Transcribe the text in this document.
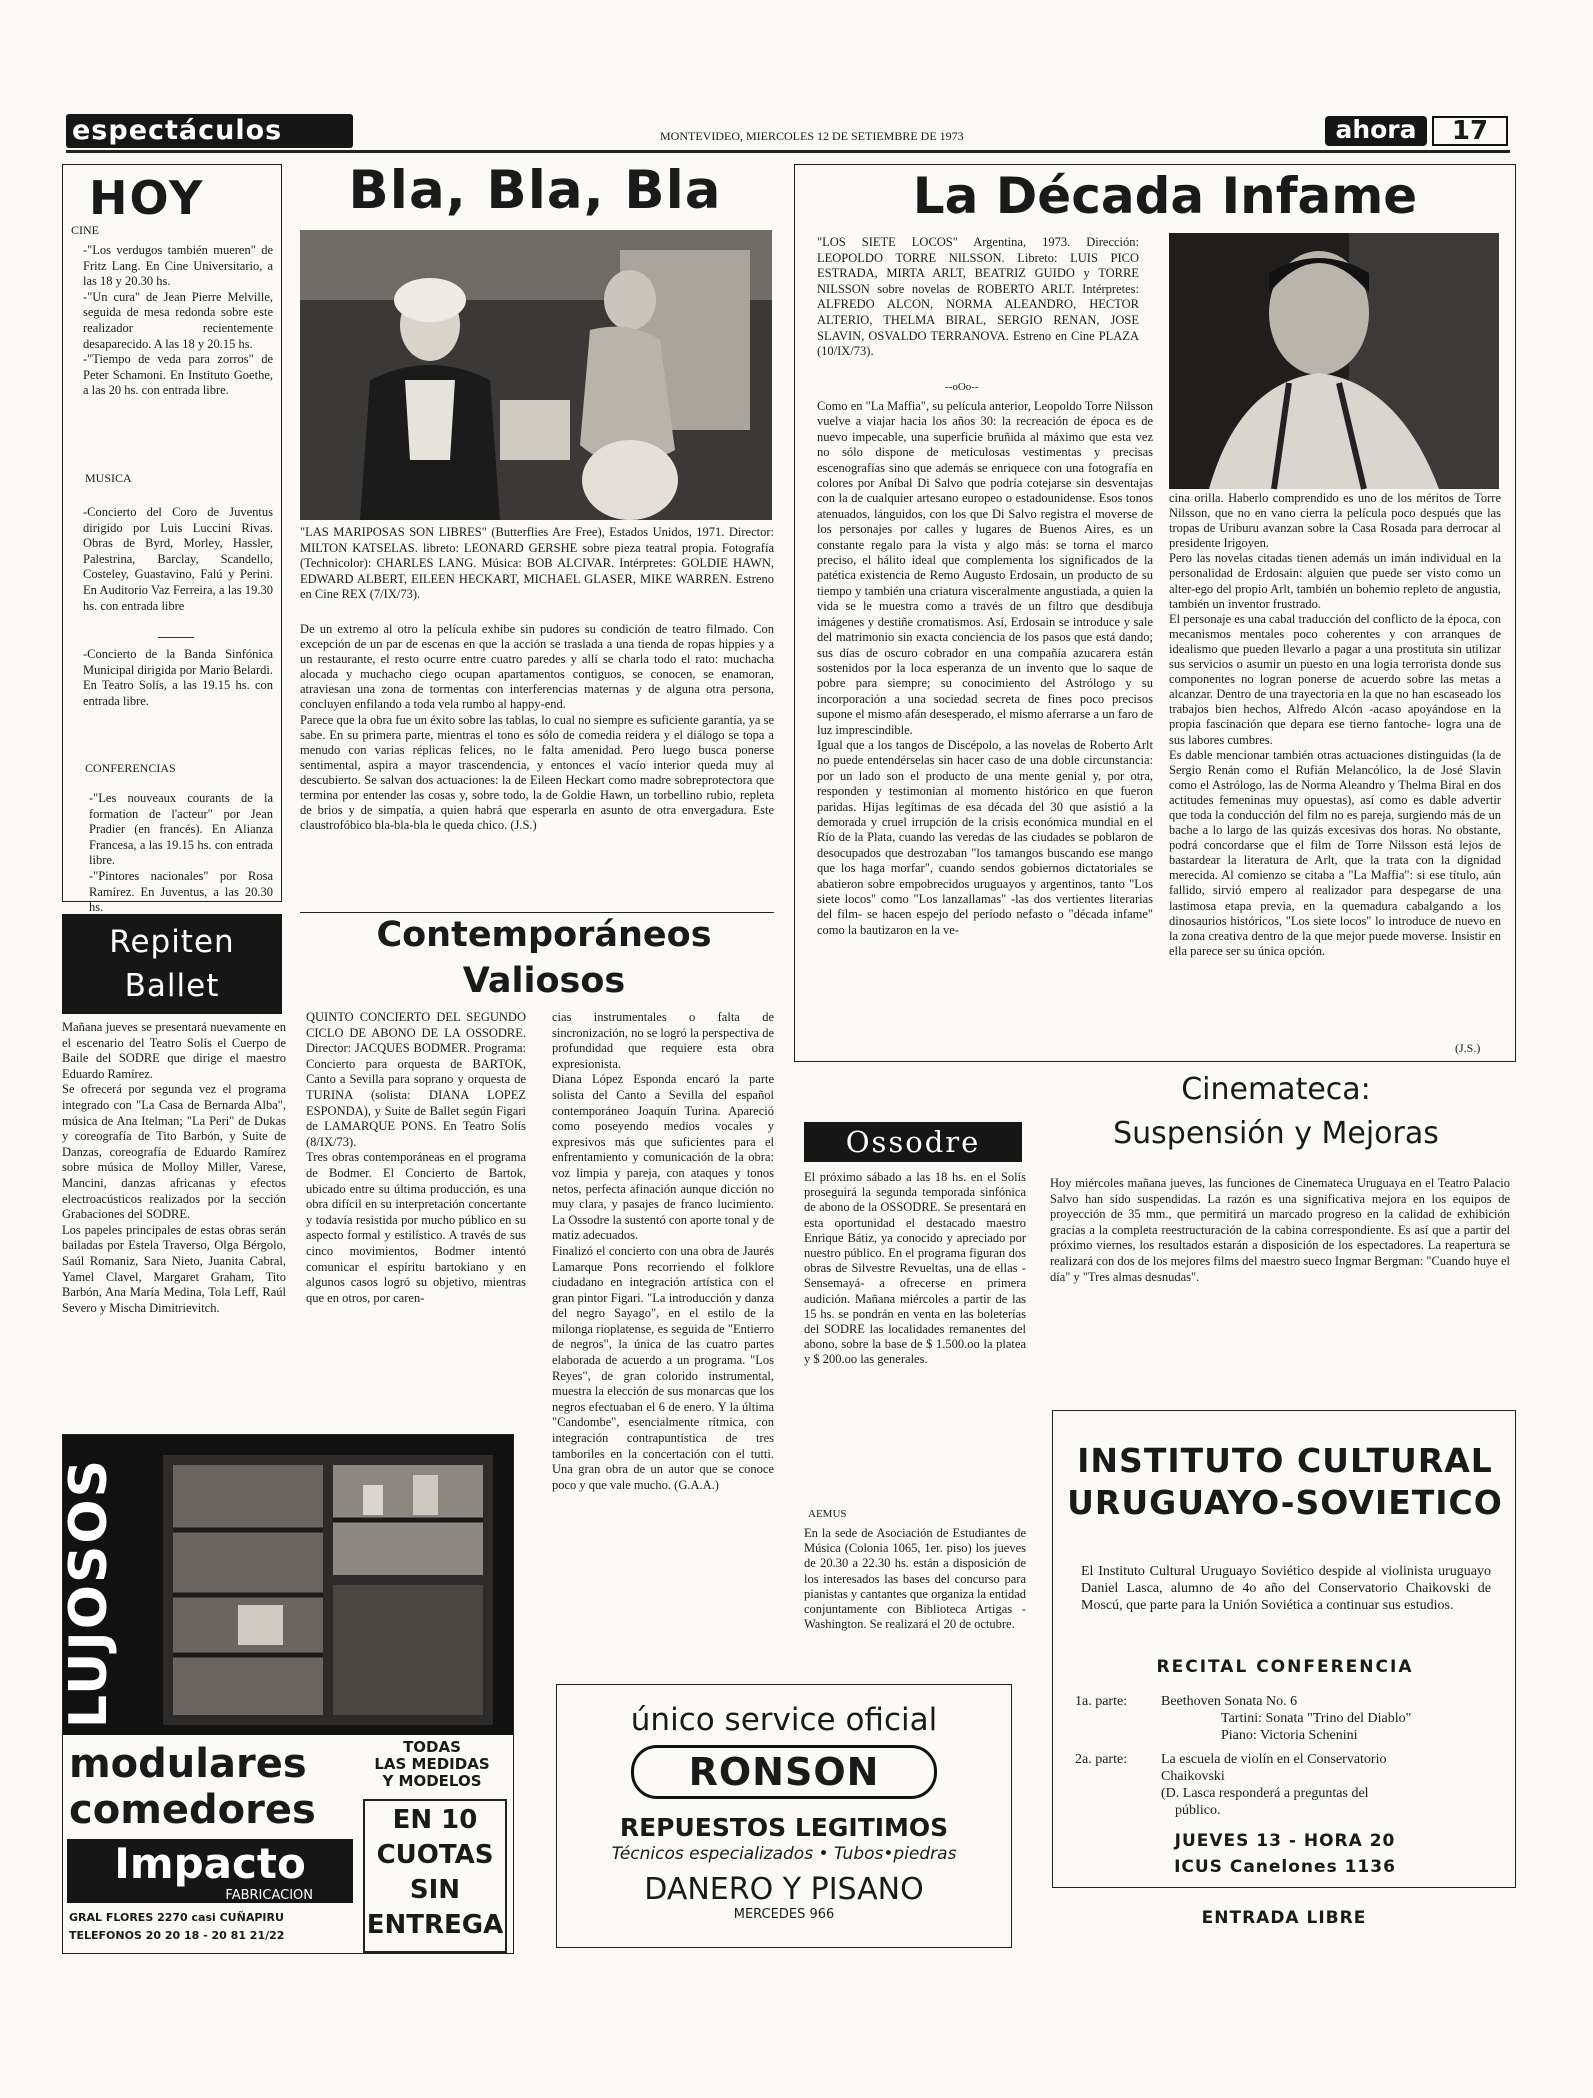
espectáculos	MONTEVIDEO, MIERCOLES 12 DE SETIEMBRE DE 1973	ahora	17
HOY
CINE
-"Los verdugos también mueren" de Fritz Lang. En Cine Universitario, a las 18 y 20.30 hs.
-"Un cura" de Jean Pierre Melville, seguida de mesa redonda sobre este realizador recientemente desaparecido. A las 18 y 20.15 hs.
-"Tiempo de veda para zorros" de Peter Schamoni. En Instituto Goethe, a las 20 hs. con entrada libre.
MUSICA
-Concierto del Coro de Juventus dirigido por Luis Luccini Rivas. Obras de Byrd, Morley, Hassler, Palestrina, Barclay, Scandello, Costeley, Guastavino, Falú y Perini. En Auditorio Vaz Ferreira, a las 19.30 hs. con entrada libre
-Concierto de la Banda Sinfónica Municipal dirigida por Mario Belardi. En Teatro Solís, a las 19.15 hs. con entrada libre.
CONFERENCIAS
-"Les nouveaux courants de la formation de l'acteur" por Jean Pradier (en francés). En Alianza Francesa, a las 19.15 hs. con entrada libre.
-"Pintores nacionales" por Rosa Ramírez. En Juventus, a las 20.30 hs.
Repiten
Ballet
Mañana jueves se presentará nuevamente en el escenario del Teatro Solís el Cuerpo de Baile del SODRE que dirige el maestro Eduardo Ramírez.
Se ofrecerá por segunda vez el programa integrado con "La Casa de Bernarda Alba", música de Ana Itelman; "La Peri" de Dukas y coreografía de Tito Barbón, y Suite de Danzas, coreografía de Eduardo Ramírez sobre música de Molloy Miller, Varese, Mancini, danzas africanas y efectos electroacústicos realizados por la sección Grabaciones del SODRE.
Los papeles principales de estas obras serán bailadas por Estela Traverso, Olga Bérgolo, Saúl Romaniz, Sara Nieto, Juanita Cabral, Yamel Clavel, Margaret Graham, Tito Barbón, Ana María Medina, Tola Leff, Raúl Severo y Mischa Dimitrievitch.
Bla, Bla, Bla
"LAS MARIPOSAS SON LIBRES" (Butterflies Are Free), Estados Unidos, 1971. Director: MILTON KATSELAS. libreto: LEONARD GERSHE sobre pieza teatral propia. Fotografía (Technicolor): CHARLES LANG. Música: BOB ALCIVAR. Intérpretes: GOLDIE HAWN, EDWARD ALBERT, EILEEN HECKART, MICHAEL GLASER, MIKE WARREN. Estreno en Cine REX (7/IX/73).
De un extremo al otro la película exhibe sin pudores su condición de teatro filmado. Con excepción de un par de escenas en que la acción se traslada a una tienda de ropas hippies y a un restaurante, el resto ocurre entre cuatro paredes y allí se charla todo el rato: muchacha alocada y muchacho ciego ocupan apartamentos contiguos, se conocen, se enamoran, atraviesan una zona de tormentas con interferencias maternas y de alguna otra persona, concluyen enfilando a toda vela rumbo al happy-end.
Parece que la obra fue un éxito sobre las tablas, lo cual no siempre es suficiente garantía, ya se sabe. En su primera parte, mientras el tono es sólo de comedia reidera y el diálogo se topa a menudo con varias réplicas felices, no le falta amenidad. Pero luego busca ponerse sentimental, aspira a mayor trascendencia, y entonces el vacío interior queda muy al descubierto. Se salvan dos actuaciones: la de Eileen Heckart como madre sobreprotectora que termina por entender las cosas y, sobre todo, la de Goldie Hawn, un torbellino rubio, repleta de brios y de simpatía, a quien habrá que esperarla en asunto de otra envergadura. Este claustrofóbico bla-bla-bla le queda chico. (J.S.)
Contemporáneos
Valiosos
QUINTO CONCIERTO DEL SEGUNDO CICLO DE ABONO DE LA OSSODRE. Director: JACQUES BODMER. Programa: Concierto para orquesta de BARTOK, Canto a Sevilla para soprano y orquesta de TURINA (solista: DIANA LOPEZ ESPONDA), y Suite de Ballet según Figari de LAMARQUE PONS. En Teatro Solís (8/IX/73).
Tres obras contemporáneas en el programa de Bodmer. El Concierto de Bartok, ubicado entre su última producción, es una obra difícil en su interpretación concertante y todavía resistida por mucho público en su aspecto formal y estilístico. A través de sus cinco movimientos, Bodmer intentó comunicar el espíritu bartokiano y en algunos casos logró su objetivo, mientras que en otros, por caren-
cias instrumentales o falta de sincronización, no se logró la perspectiva de profundidad que requiere esta obra expresionista.
Diana López Esponda encaró la parte solista del Canto a Sevilla del español contemporáneo Joaquín Turina. Apareció como poseyendo medios vocales y expresivos más que suficientes para el enfrentamiento y comunicación de la obra: voz limpia y pareja, con ataques y tonos netos, perfecta afinación aunque dicción no muy clara, y pasajes de franco lucimiento. La Ossodre la sustentó con aporte tonal y de matiz adecuados.
Finalizó el concierto con una obra de Jaurés Lamarque Pons recorriendo el folklore ciudadano en integración artística con el gran pintor Figari. "La introducción y danza del negro Sayago", en el estilo de la milonga rioplatense, es seguida de "Entierro de negros", la única de las cuatro partes elaborada de acuerdo a un programa. "Los Reyes", de gran colorido instrumental, muestra la elección de sus monarcas que los negros efectuaban el 6 de enero. Y la última "Candombe", esencialmente rítmica, con integración contrapuntística de tres tamboriles en la concertación con el tutti. Una gran obra de un autor que se conoce poco y que vale mucho. (G.A.A.)
La Década Infame
"LOS SIETE LOCOS" Argentina, 1973. Dirección: LEOPOLDO TORRE NILSSON. Libreto: LUIS PICO ESTRADA, MIRTA ARLT, BEATRIZ GUIDO y TORRE NILSSON sobre novelas de ROBERTO ARLT. Intérpretes: ALFREDO ALCON, NORMA ALEANDRO, HECTOR ALTERIO, THELMA BIRAL, SERGIO RENAN, JOSE SLAVIN, OSVALDO TERRANOVA. Estreno en Cine PLAZA (10/IX/73).
--oOo--
Como en "La Maffia", su película anterior, Leopoldo Torre Nilsson vuelve a viajar hacia los años 30: la recreación de época es de nuevo impecable, una superficie bruñida al máximo que esta vez no sólo dispone de meticulosas vestimentas y precisas escenografías sino que además se enriquece con una fotografía en colores por Aníbal Di Salvo que podría cotejarse sin desventajas con la de cualquier artesano europeo o estadounidense. Esos tonos atenuados, lánguidos, con los que Di Salvo registra el moverse de los personajes por calles y lugares de Buenos Aires, es un constante regalo para la vista y algo más: se torna el marco preciso, el hálito ideal que complementa los significados de la patética existencia de Remo Augusto Erdosain, un producto de su tiempo y también una criatura visceralmente angustiada, a quien la vida se le muestra como a través de un filtro que desdibuja imágenes y destiñe cromatismos. Así, Erdosain se introduce y sale del matrimonio sin exacta conciencia de los pasos que está dando; sus días de oscuro cobrador en una compañía azucarera están sostenidos por la loca esperanza de un invento que lo saque de pobre para siempre; su conocimiento del Astrólogo y su incorporación a una sociedad secreta de fines poco precisos supone el mismo afán desesperado, el mismo aferrarse a un faro de luz imprescindible.
Igual que a los tangos de Discépolo, a las novelas de Roberto Arlt no puede entendérselas sin hacer caso de una doble circunstancia: por un lado son el producto de una mente genial y, por otra, responden y testimonian al momento histórico en que fueron paridas. Hijas legítimas de esa década del 30 que asistió a la demorada y cruel irrupción de la crisis económica mundial en el Río de la Plata, cuando las veredas de las ciudades se poblaron de desocupados que destrozaban "los tamangos buscando ese mango que los haga morfar", cuando sendos gobiernos dictatoriales se abatieron sobre empobrecidos uruguayos y argentinos, tanto "Los siete locos" como "Los lanzallamas" -las dos vertientes literarias del film- se hacen espejo del período nefasto o "década infame" como la bautizaron en la ve-
cina orilla. Haberlo comprendido es uno de los méritos de Torre Nilsson, que no en vano cierra la película poco después que las tropas de Uriburu avanzan sobre la Casa Rosada para derrocar al presidente Irigoyen.
Pero las novelas citadas tienen además un imán individual en la personalidad de Erdosain: alguien que puede ser visto como un alter-ego del propio Arlt, también un bohemio repleto de angustia, también un inventor frustrado.
El personaje es una cabal traducción del conflicto de la época, con mecanismos mentales poco coherentes y con arranques de idealismo que pueden llevarlo a pagar a una prostituta sin utilizar sus servicios o asumir un puesto en una logia terrorista donde sus componentes no logran ponerse de acuerdo sobre las metas a alcanzar. Dentro de una trayectoria en la que no han escaseado los trabajos bien hechos, Alfredo Alcón -acaso apoyándose en la propia fascinación que depara ese tierno fantoche- logra una de sus labores cumbres.
Es dable mencionar también otras actuaciones distinguidas (la de Sergio Renán como el Rufián Melancólico, la de José Slavin como el Astrólogo, las de Norma Aleandro y Thelma Biral en dos actitudes femeninas muy opuestas), así como es dable advertir que toda la conducción del film no es pareja, surgiendo más de un bache a lo largo de las quizás excesivas dos horas. No obstante, podrá concordarse que el film de Torre Nilsson está lejos de bastardear la literatura de Arlt, que la trata con la dignidad merecida. Al comienzo se citaba a "La Maffia": si ese título, aún fallido, sirvió empero al realizador para despegarse de una lastimosa etapa previa, en la quemadura cabalgando a los dinosaurios históricos, "Los siete locos" lo introduce de nuevo en la zona creativa dentro de la que mejor puede moverse. Insistir en ella parece ser su única opción.
(J.S.)
Ossodre
El próximo sábado a las 18 hs. en el Solís proseguirá la segunda temporada sinfónica de abono de la OSSODRE. Se presentará en esta oportunidad el destacado maestro Enrique Bátiz, ya conocido y apreciado por nuestro público. En el programa figuran dos obras de Silvestre Revueltas, una de ellas -Sensemayá- a ofrecerse en primera audición. Mañana miércoles a partir de las 15 hs. se pondrán en venta en las boleterías del SODRE las localidades remanentes del abono, sobre la base de $ 1.500.oo la platea y $ 200.oo las generales.
AEMUS
En la sede de Asociación de Estudiantes de Música (Colonia 1065, 1er. piso) los jueves de 20.30 a 22.30 hs. están a disposición de los interesados las bases del concurso para pianistas y cantantes que organiza la entidad conjuntamente con Biblioteca Artigas - Washington. Se realizará el 20 de octubre.
Cinemateca:
Suspensión y Mejoras
Hoy miércoles mañana jueves, las funciones de Cinemateca Uruguaya en el Teatro Palacio Salvo han sido suspendidas. La razón es una significativa mejora en los equipos de proyección de 35 mm., que permitirá un marcado progreso en la calidad de exhibición gracias a la completa reestructuración de la cabina correspondiente. Es así que a partir del próximo viernes, los resultados estarán a disposición de los espectadores. La reapertura se realizará con dos de los mejores films del maestro sueco Ingmar Bergman: "Cuando huye el día" y "Tres almas desnudas".
INSTITUTO CULTURAL
URUGUAYO-SOVIETICO
El Instituto Cultural Uruguayo Soviético despide al violinista uruguayo Daniel Lasca, alumno de 4o año del Conservatorio Chaikovski de Moscú, que parte para la Unión Soviética a continuar sus estudios.
RECITAL CONFERENCIA
1a. parte: Beethoven Sonata No. 6
Tartini: Sonata "Trino del Diablo"
Piano: Victoria Schenini
2a. parte: La escuela de violín en el Conservatorio
Chaikovski
(D. Lasca responderá a preguntas del
público.
JUEVES 13 - HORA 20
ICUS Canelones 1136
ENTRADA LIBRE
LUJOSOS
modulares
comedores
TODAS
LAS MEDIDAS
Y MODELOS
EN 10
CUOTAS
SIN
ENTREGA
Impacto
FABRICACION
GRAL FLORES 2270 casi CUÑAPIRU
TELEFONOS 20 20 18 - 20 81 21/22
único service oficial
RONSON
REPUESTOS LEGITIMOS
Técnicos especializados • Tubos•piedras
DANERO Y PISANO
MERCEDES 966
